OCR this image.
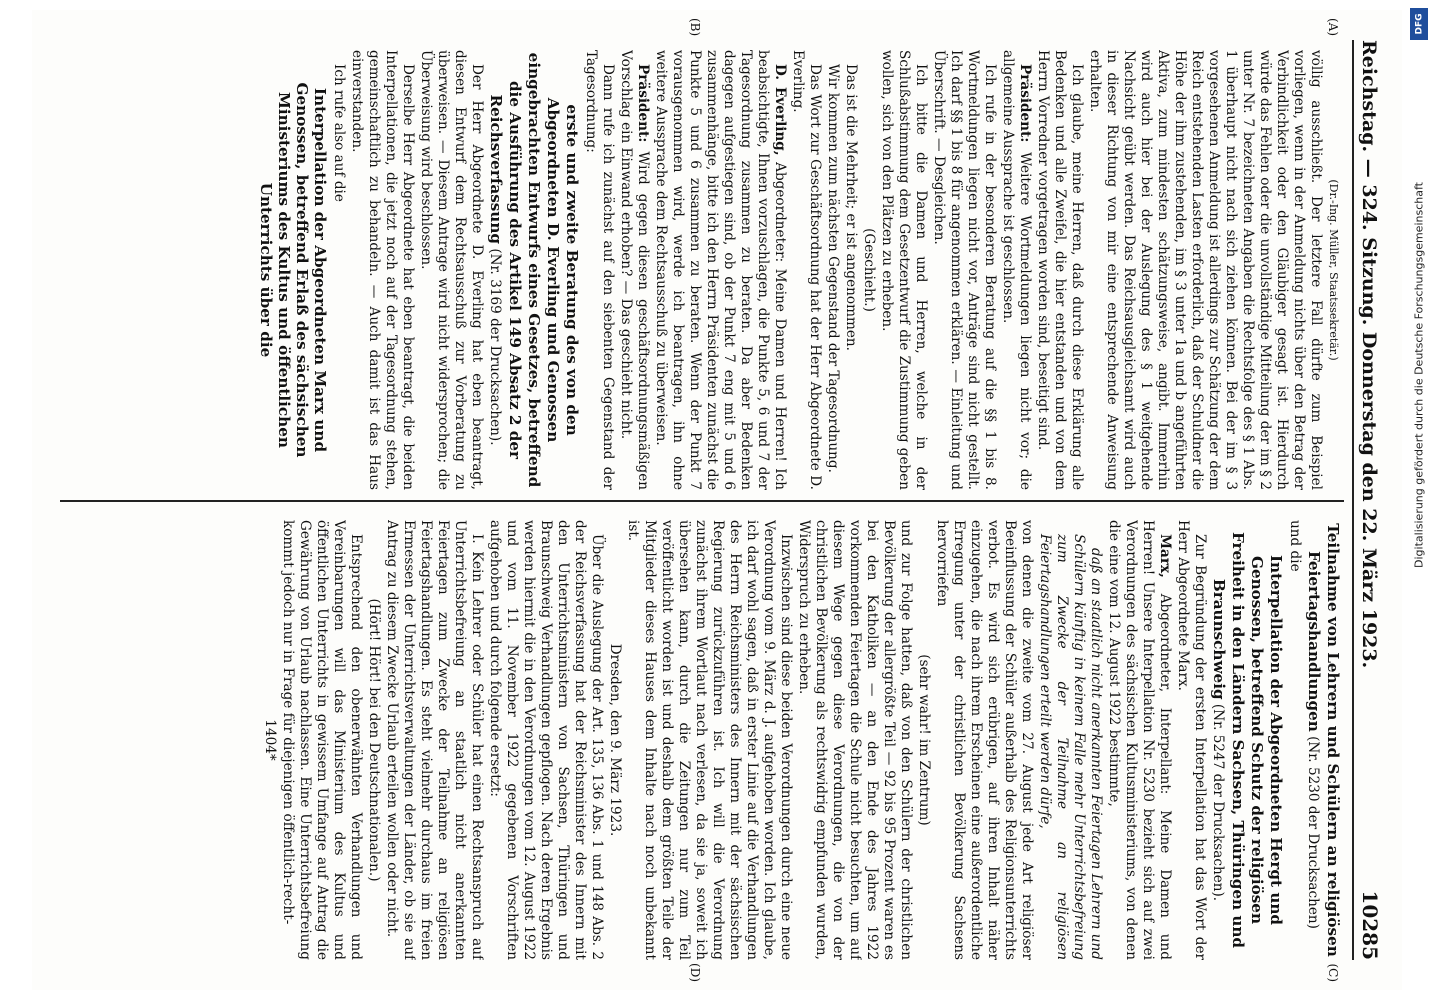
Reichstag. — 324. Sitzung. Donnerstag den 22. März 1923.
10285
(A)
(B)
(C)
(D)

(Dr.-Ing. Müller, Staatssekretär.)

völlig ausschließt. Der letztere Fall dürfte zum Beispiel vorliegen, wenn in der Anmeldung nichts über den Betrag der Verbindlichkeit oder den Gläubiger gesagt ist. Hierdurch würde das Fehlen oder die unvollständige Mitteilung der im § 2 unter Nr. 7 bezeichneten Angaben die Rechtsfolge des § 1 Abs. 1 überhaupt nicht nach sich ziehen können. Bei der im § 3 vorgesehenen Anmeldung ist allerdings zur Schätzung der dem Reich entstehenden Lasten erforderlich, daß der Schuldner die Höhe der ihm zustehenden, im § 3 unter 1a und b angeführten Aktiva, zum mindesten schätzungsweise, angibt. Immerhin wird auch hier bei der Auslegung des § 1 weitgehende Nachsicht geübt werden. Das Reichsausgleichsamt wird auch in dieser Richtung von mir eine entsprechende Anweisung erhalten.

Ich glaube, meine Herren, daß durch diese Erklärung alle Bedenken und alle Zweifel, die hier entstanden und von dem Herrn Vorredner vorgetragen worden sind, beseitigt sind.

Präsident: Weitere Wortmeldungen liegen nicht vor; die allgemeine Aussprache ist geschlossen.

Ich rufe in der besonderen Beratung auf die §§ 1 bis 8. Wortmeldungen liegen nicht vor, Anträge sind nicht gestellt. Ich darf §§ 1 bis 8 für angenommen erklären. — Einleitung und Überschrift. — Desgleichen.

Ich bitte die Damen und Herren, welche in der Schlußabstimmung dem Gesetzentwurf die Zustimmung geben wollen, sich von den Plätzen zu erheben.

(Geschieht.)

Das ist die Mehrheit; er ist angenommen.

Wir kommen zum nächsten Gegenstand der Tagesordnung.

Das Wort zur Geschäftsordnung hat der Herr Abgeordnete D. Everling.

D. Everling, Abgeordneter: Meine Damen und Herren! Ich beabsichtigte, Ihnen vorzuschlagen, die Punkte 5, 6 und 7 der Tagesordnung zusammen zu beraten. Da aber Bedenken dagegen aufgestiegen sind, ob der Punkt 7 eng mit 5 und 6 zusammenhänge, bitte ich den Herrn Präsidenten zunächst die Punkte 5 und 6 zusammen zu beraten. Wenn der Punkt 7 vorausgenommen wird, werde ich beantragen, ihn ohne weitere Aussprache dem Rechtsausschuß zu überweisen.

Präsident: Wird gegen diesen geschäftsordnungsmäßigen Vorschlag ein Einwand erhoben? — Das geschieht nicht.

Dann rufe ich zunächst auf den siebenten Gegenstand der Tagesordnung:

erste und zweite Beratung des von den Abgeordneten D. Everling und Genossen eingebrachten Entwurfs eines Gesetzes, betreffend die Ausführung des Artikel 149 Absatz 2 der Reichsverfassung (Nr. 3169 der Drucksachen).

Der Herr Abgeordnete D. Everling hat eben beantragt, diesen Entwurf dem Rechtsausschuß zur Vorberatung zu überweisen. — Diesem Antrage wird nicht widersprochen; die Überweisung wird beschlossen.

Derselbe Herr Abgeordnete hat eben beantragt, die beiden Interpellationen, die jetzt noch auf der Tagesordnung stehen, gemeinschaftlich zu behandeln. — Auch damit ist das Haus einverstanden.

Ich rufe also auf die

Interpellation der Abgeordneten Marx und Genossen, betreffend Erlaß des sächsischen Ministeriums des Kultus und öffentlichen Unterrichts über die

Teilnahme von Lehrern und Schülern an religiösen Feiertagshandlungen (Nr. 5230 der Drucksachen)

und die

Interpellation der Abgeordneten Hergt und Genossen, betreffend Schutz der religiösen Freiheit in den Ländern Sachsen, Thüringen und Braunschweig (Nr. 5247 der Drucksachen).

Zur Begründung der ersten Interpellation hat das Wort der Herr Abgeordnete Marx.

Marx, Abgeordneter, Interpellant: Meine Damen und Herren! Unsere Interpellation Nr. 5230 bezieht sich auf zwei Verordnungen des sächsischen Kultusministeriums, von denen die eine vom 12. August 1922 bestimmte,

daß an staatlich nicht anerkannten Feiertagen Lehrern und Schülern künftig in keinem Falle mehr Unterrichtsbefreiung zum Zwecke der Teilnahme an religiösen Feiertagshandlungen erteilt werden dürfe,

von denen die zweite vom 27. August jede Art religiöser Beeinflussung der Schüler außerhalb des Religionsunterrichts verbot. Es wird sich erübrigen, auf ihren Inhalt näher einzugehen, die nach ihrem Erscheinen eine außerordentliche Erregung unter der christlichen Bevölkerung Sachsens hervorriefen

(sehr wahr! im Zentrum)

und zur Folge hatten, daß von den Schülern der christlichen Bevölkerung der allergrößte Teil — 92 bis 95 Prozent waren es bei den Katholiken — an den Ende des Jahres 1922 vorkommenden Feiertagen die Schule nicht besuchten, um auf diesem Wege gegen diese Verordnungen, die von der christlichen Bevölkerung als rechtswidrig empfunden wurden, Widerspruch zu erheben.

Inzwischen sind diese beiden Verordnungen durch eine neue Verordnung vom 9. März d. J. aufgehoben worden. Ich glaube, ich darf wohl sagen, daß in erster Linie auf die Verhandlungen des Herrn Reichsministers des Innern mit der sächsischen Regierung zurückzuführen ist. Ich will die Verordnung zunächst ihrem Wortlaut nach verlesen, da sie ja, soweit ich übersehen kann, durch die Zeitungen nur zum Teil veröffentlicht worden ist und deshalb dem größten Teile der Mitglieder dieses Hauses dem Inhalte nach noch unbekannt ist.

Dresden, den 9. März 1923.

Über die Auslegung der Art. 135, 136 Abs. 1 und 148 Abs. 2 der Reichsverfassung hat der Reichsminister des Innern mit den Unterrichtsministern von Sachsen, Thüringen und Braunschweig Verhandlungen gepflogen. Nach deren Ergebnis werden hiermit die in den Verordnungen vom 12. August 1922 und vom 11. November 1922 gegebenen Vorschriften aufgehoben und durch folgende ersetzt:

I. Kein Lehrer oder Schüler hat einen Rechtsanspruch auf Unterrichtsbefreiung an staatlich nicht anerkannten Feiertagen zum Zwecke der Teilnahme an religiösen Feiertagshandlungen. Es steht vielmehr durchaus im freien Ermessen der Unterrichtsverwaltungen der Länder, ob sie auf Antrag zu diesem Zwecke Urlaub erteilen wollen oder nicht.

(Hört! Hört! bei den Deutschnationalen.)

Entsprechend den obenerwähnten Verhandlungen und Vereinbarungen will das Ministerium des Kultus und öffentlichen Unterrichts in gewissem Umfange auf Antrag die Gewährung von Urlaub nachlassen. Eine Unterrichtsbefreiung kommt jedoch nur in Frage für diejenigen öffentlich-recht-

1404*

DFG
Digitalisierung gefördert durch die Deutsche Forschungsgemeinschaft
